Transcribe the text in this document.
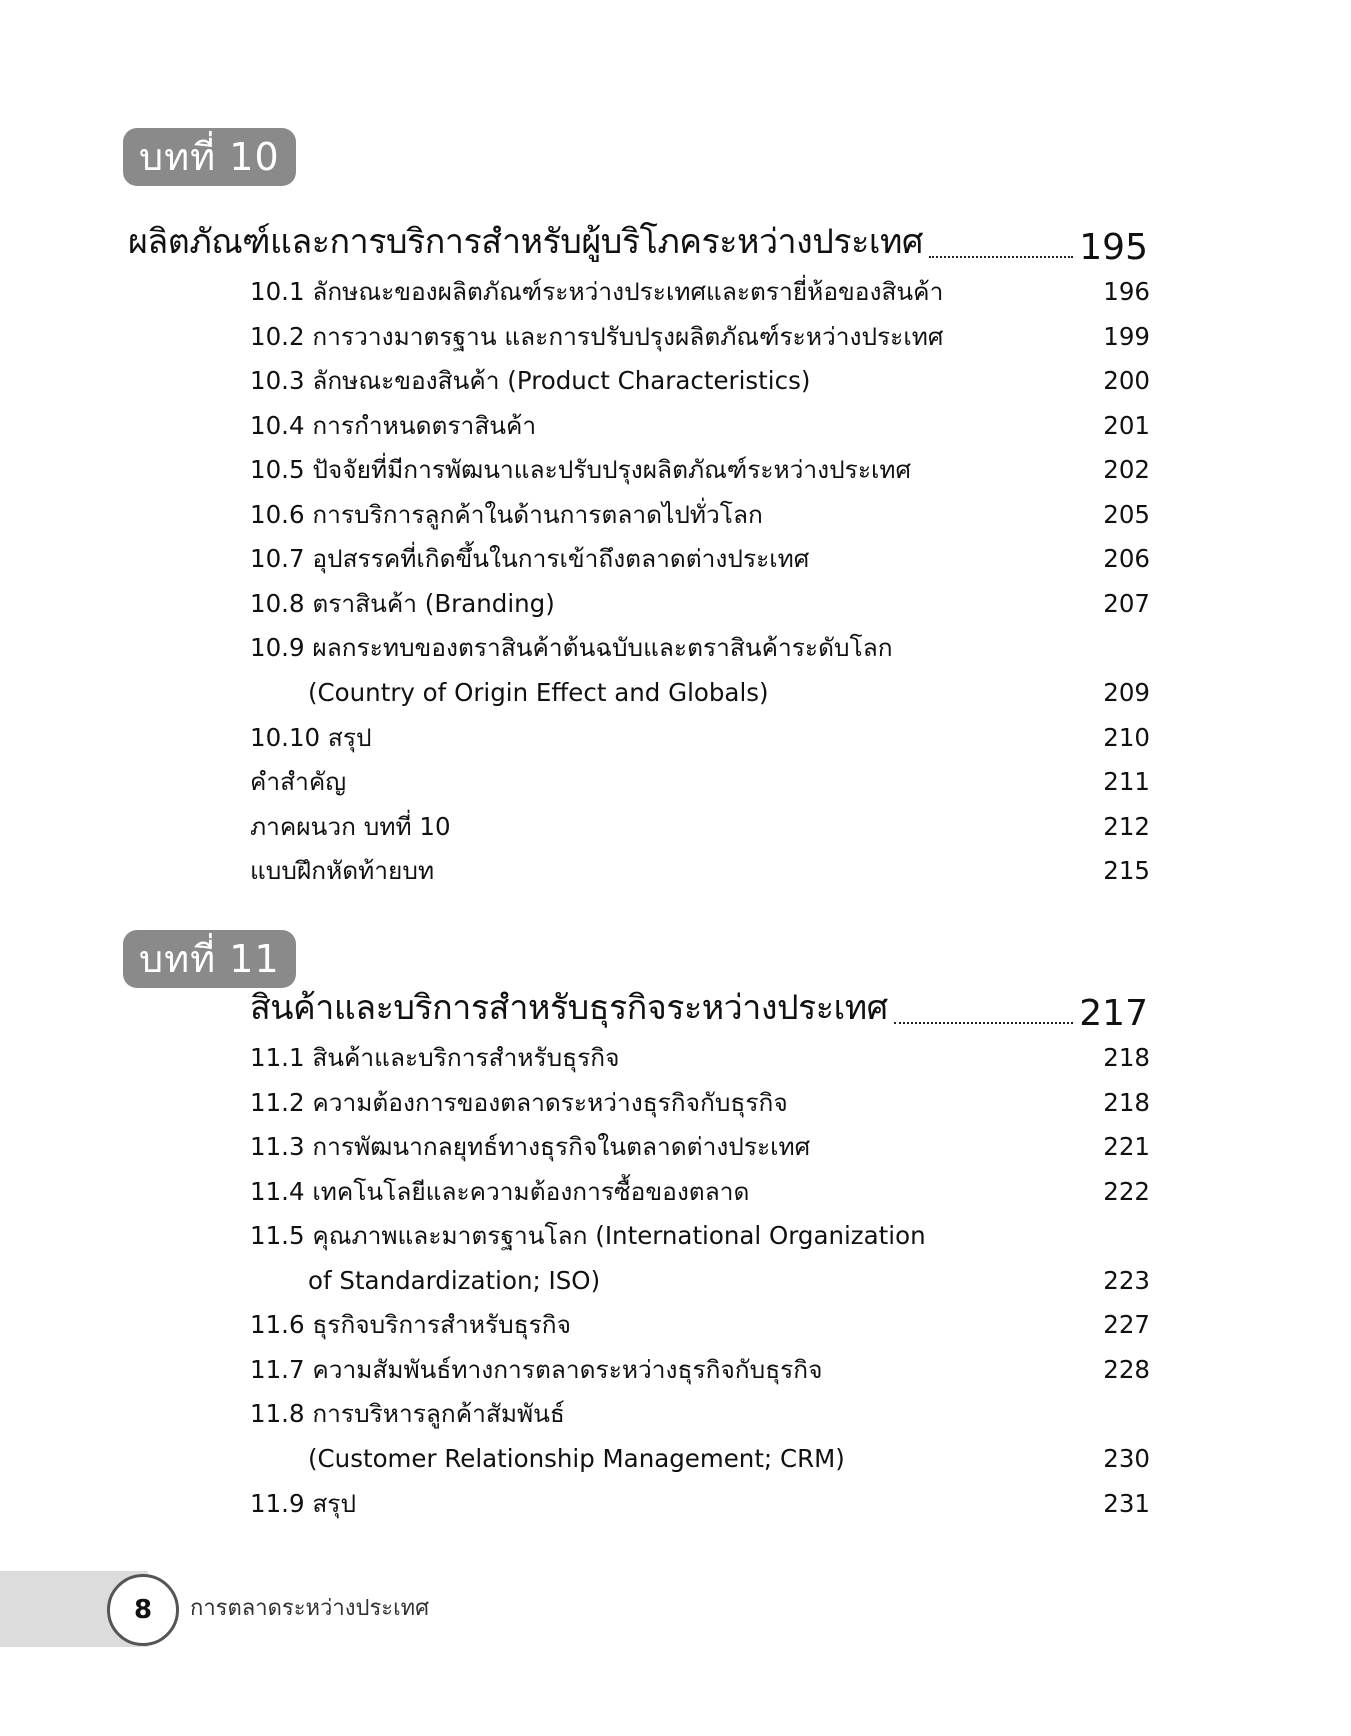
บทที่ 10
ผลิตภัณฑ์และการบริการสำหรับผู้บริโภคระหว่างประเทศ	195
10.1 ลักษณะของผลิตภัณฑ์ระหว่างประเทศและตรายี่ห้อของสินค้า	196
10.2 การวางมาตรฐาน และการปรับปรุงผลิตภัณฑ์ระหว่างประเทศ	199
10.3 ลักษณะของสินค้า (Product Characteristics)	200
10.4 การกำหนดตราสินค้า	201
10.5 ปัจจัยที่มีการพัฒนาและปรับปรุงผลิตภัณฑ์ระหว่างประเทศ	202
10.6 การบริการลูกค้าในด้านการตลาดไปทั่วโลก	205
10.7 อุปสรรคที่เกิดขึ้นในการเข้าถึงตลาดต่างประเทศ	206
10.8 ตราสินค้า (Branding)	207
10.9 ผลกระทบของตราสินค้าต้นฉบับและตราสินค้าระดับโลก
(Country of Origin Effect and Globals)	209
10.10 สรุป	210
คำสำคัญ	211
ภาคผนวก บทที่ 10	212
แบบฝึกหัดท้ายบท	215
บทที่ 11
สินค้าและบริการสำหรับธุรกิจระหว่างประเทศ	217
11.1 สินค้าและบริการสำหรับธุรกิจ	218
11.2 ความต้องการของตลาดระหว่างธุรกิจกับธุรกิจ	218
11.3 การพัฒนากลยุทธ์ทางธุรกิจในตลาดต่างประเทศ	221
11.4 เทคโนโลยีและความต้องการซื้อของตลาด	222
11.5 คุณภาพและมาตรฐานโลก (International Organization
of Standardization; ISO)	223
11.6 ธุรกิจบริการสำหรับธุรกิจ	227
11.7 ความสัมพันธ์ทางการตลาดระหว่างธุรกิจกับธุรกิจ	228
11.8 การบริหารลูกค้าสัมพันธ์
(Customer Relationship Management; CRM)	230
11.9 สรุป	231
8 การตลาดระหว่างประเทศ
